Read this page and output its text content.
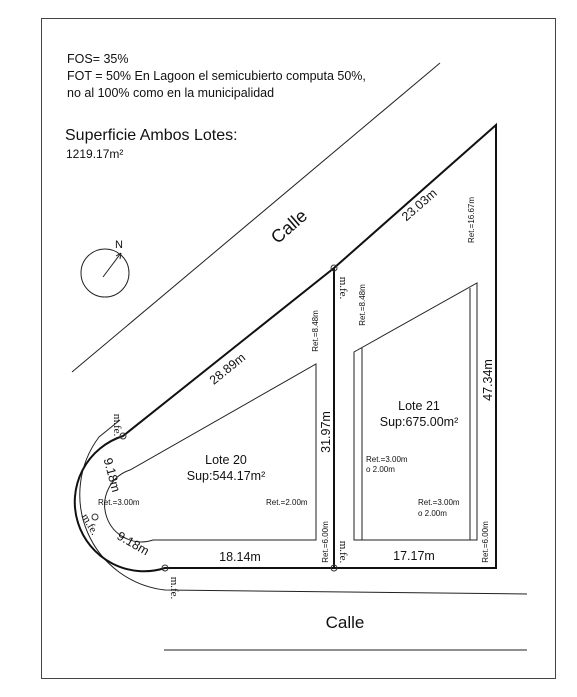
N	Calle
Calle
Lote 20
Sup:544.17m²
Lote 21
Sup:675.00m²
23.03m
28.89m
31.97m
47.34m
18.14m	17.17m
9.18m
9.18m
Ret.=16.67m
Ret.=8.48m
Ret.=8.48m
Ret.=3.00m	Ret.=2.00m
Ret.=6.00m	Ret.=6.00m
Ret.=3.00m
o 2.00m
Ret.=3.00m
o 2.00m
m.fe.
m.fe.
m.fe.
m.fe.
m.fe.
FOS= 35%
FOT = 50% En Lagoon el semicubierto computa 50%,
no al 100% como en la municipalidad
Superficie Ambos Lotes:
1219.17m²
